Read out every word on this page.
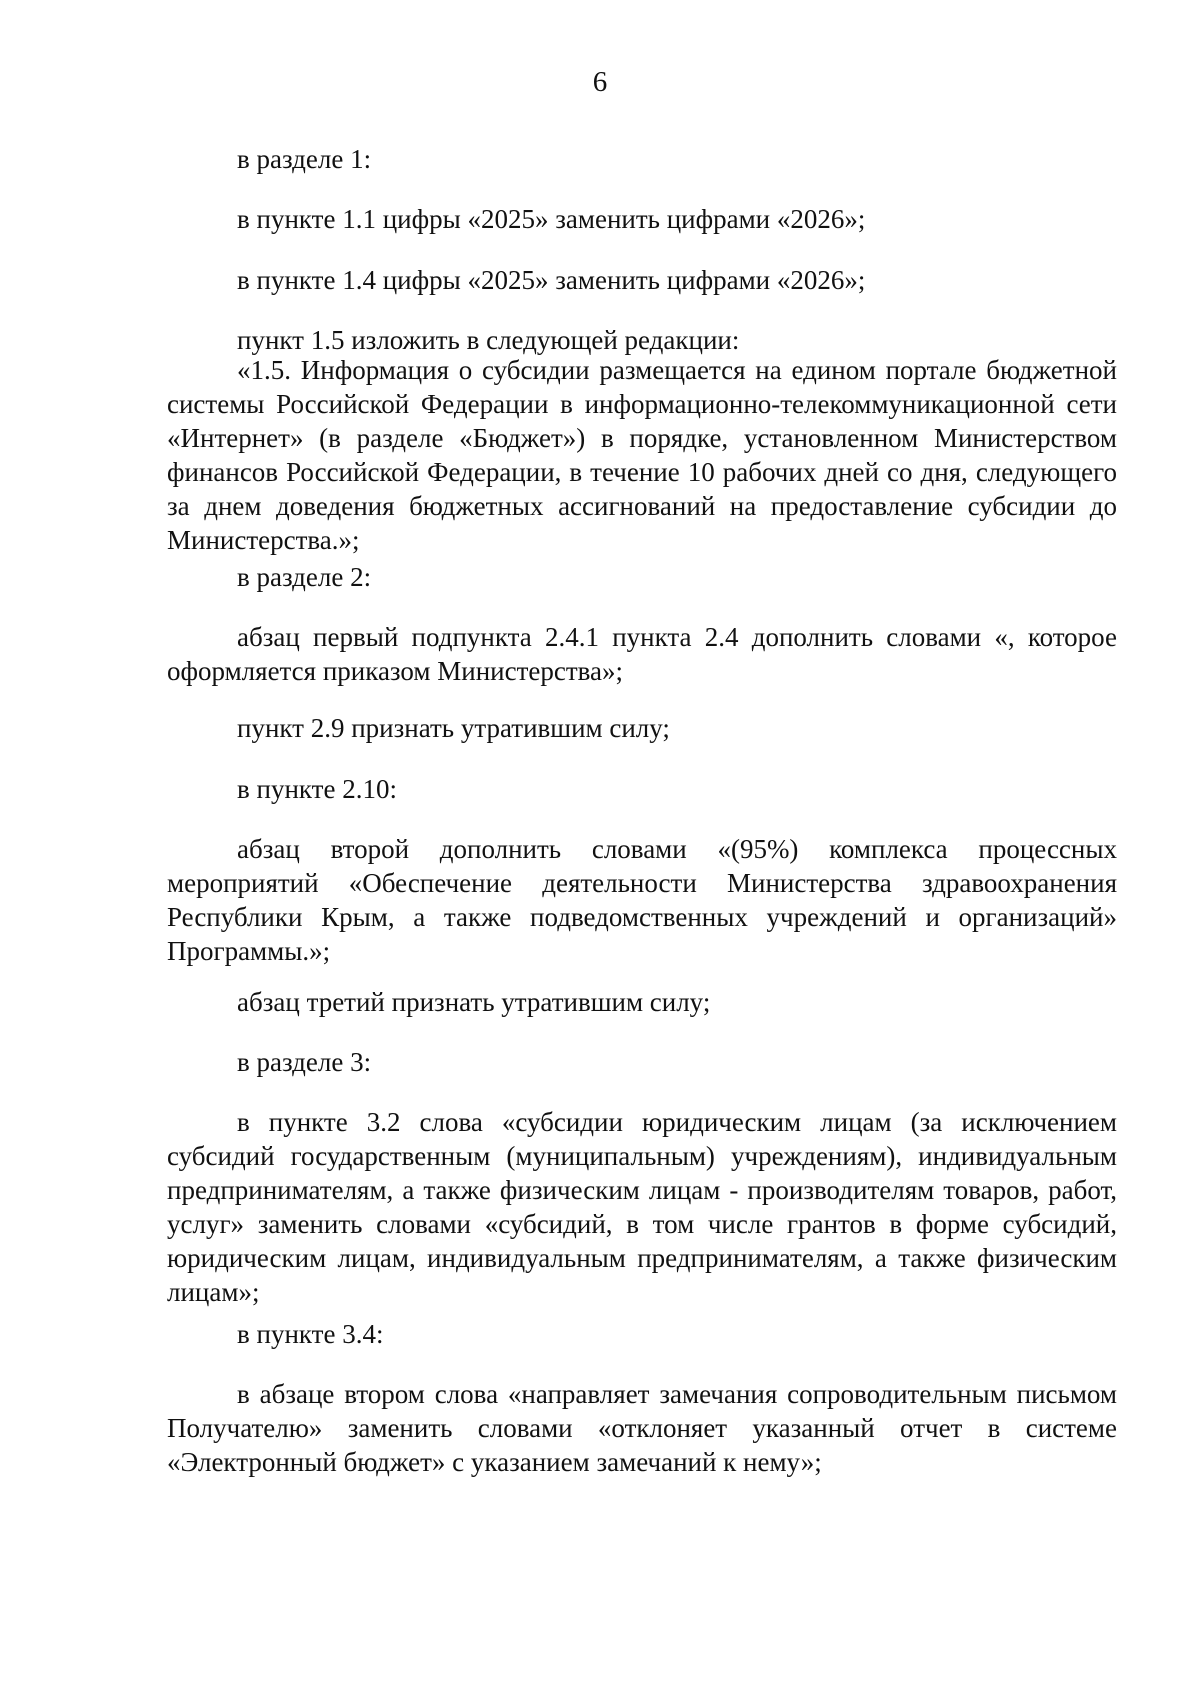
6

в разделе 1:

в пункте 1.1 цифры «2025» заменить цифрами «2026»;

в пункте 1.4 цифры «2025» заменить цифрами «2026»;

пункт 1.5 изложить в следующей редакции:

«1.5. Информация о субсидии размещается на едином портале бюджетной системы Российской Федерации в информационно-телекоммуникационной сети «Интернет» (в разделе «Бюджет») в порядке, установленном Министерством финансов Российской Федерации, в течение 10 рабочих дней со дня, следующего за днем доведения бюджетных ассигнований на предоставление субсидии до Министерства.»;

в разделе 2:

абзац первый подпункта 2.4.1 пункта 2.4 дополнить словами «, которое оформляется приказом Министерства»;

пункт 2.9 признать утратившим силу;

в пункте 2.10:

абзац второй дополнить словами «(95%) комплекса процессных мероприятий «Обеспечение деятельности Министерства здравоохранения Республики Крым, а также подведомственных учреждений и организаций» Программы.»;

абзац третий признать утратившим силу;

в разделе 3:

в пункте 3.2 слова «субсидии юридическим лицам (за исключением субсидий государственным (муниципальным) учреждениям), индивидуальным предпринимателям, а также физическим лицам - производителям товаров, работ, услуг» заменить словами «субсидий, в том числе грантов в форме субсидий, юридическим лицам, индивидуальным предпринимателям, а также физическим лицам»;

в пункте 3.4:

в абзаце втором слова «направляет замечания сопроводительным письмом Получателю» заменить словами «отклоняет указанный отчет в системе «Электронный бюджет» с указанием замечаний к нему»;
